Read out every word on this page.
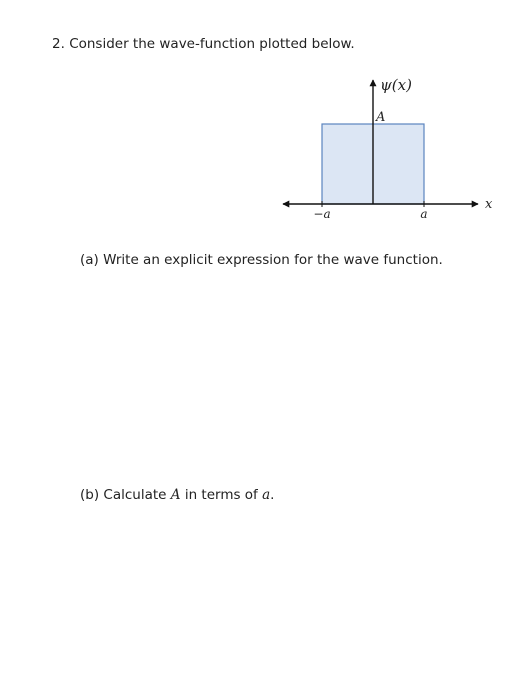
2. Consider the wave-function plotted below.
ψ(x)
A
x
−a	a
(a) Write an explicit expression for the wave function.
(b) Calculate A in terms of a.
